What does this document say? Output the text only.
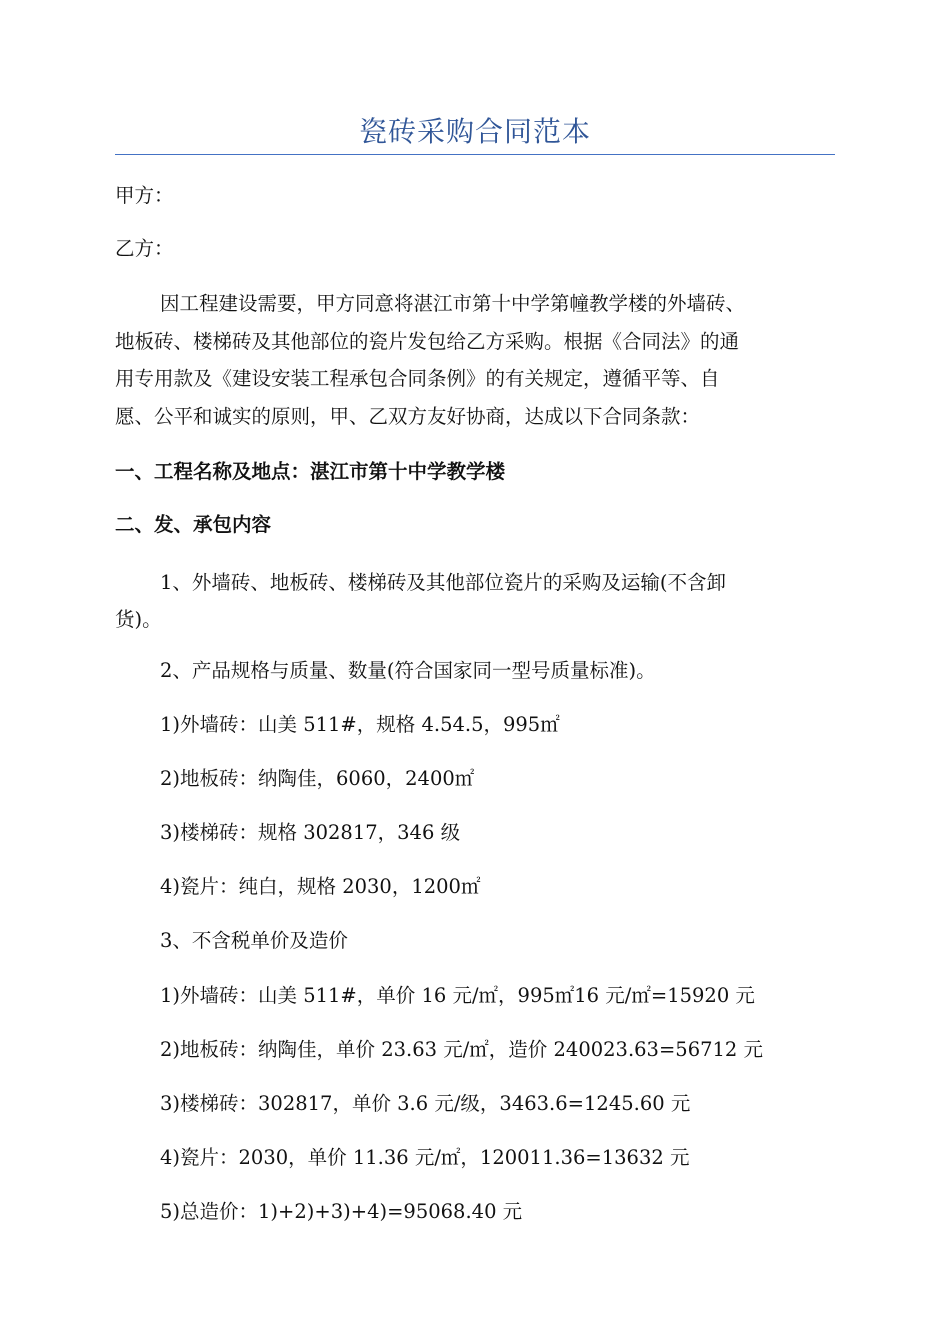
瓷砖采购合同范本
甲方：
乙方：
因工程建设需要，甲方同意将湛江市第十中学第幢教学楼的外墙砖、
地板砖、楼梯砖及其他部位的瓷片发包给乙方采购。根据《合同法》的通
用专用款及《建设安装工程承包合同条例》的有关规定，遵循平等、自
愿、公平和诚实的原则，甲、乙双方友好协商，达成以下合同条款：
一、工程名称及地点：湛江市第十中学教学楼
二、发、承包内容
1、外墙砖、地板砖、楼梯砖及其他部位瓷片的采购及运输(不含卸
货)。
2、产品规格与质量、数量(符合国家同一型号质量标准)。
1)外墙砖：山美 511#，规格 4.54.5，995㎡
2)地板砖：纳陶佳，6060，2400㎡
3)楼梯砖：规格 302817，346 级
4)瓷片：纯白，规格 2030，1200㎡
3、不含税单价及造价
1)外墙砖：山美 511#，单价 16 元/㎡，995㎡16 元/㎡=15920 元
2)地板砖：纳陶佳，单价 23.63 元/㎡，造价 240023.63=56712 元
3)楼梯砖：302817，单价 3.6 元/级，3463.6=1245.60 元
4)瓷片：2030，单价 11.36 元/㎡，120011.36=13632 元
5)总造价：1)+2)+3)+4)=95068.40 元
